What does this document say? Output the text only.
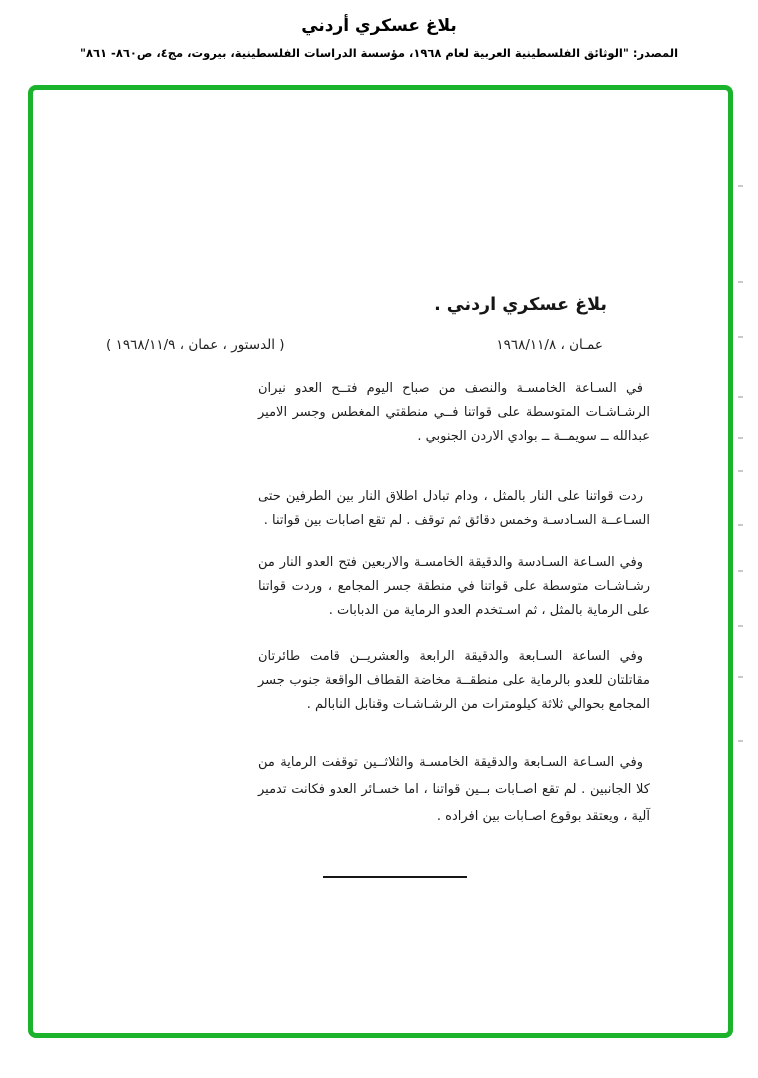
بلاغ عسكري أردني
المصدر: "الوثائق الفلسطينية العربية لعام ١٩٦٨، مؤسسة الدراسات الفلسطينية، بيروت، مج٤، ص٨٦٠- ٨٦١"
بلاغ عسكري اردني .
عمـان ، ١٩٦٨/١١/٨
( الدستور ، عمان ، ١٩٦٨/١١/٩ )

في السـاعة الخامسـة والنصف من صباح اليوم فتــح العدو نيران الرشـاشـات المتوسطة على قواتنا فــي منطقتي المغطس وجسر الامير عبدالله ــ سويمــة ــ بوادي الاردن الجنوبي .

ردت قواتنا على النار بالمثل ، ودام تبادل اطلاق النار بين الطرفين حتى السـاعــة السـادسـة وخمس دقائق ثم توقف . لم تقع اصابات بين قواتنا .

وفي السـاعة السـادسة والدقيقة الخامسـة والاربعين فتح العدو النار من رشـاشـات متوسطة على قواتنا في منطقة جسر المجامع ، وردت قواتنا على الرماية بالمثل ، ثم اسـتخدم العدو الرماية من الدبابات .

وفي الساعة السـابعة والدقيقة الرابعة والعشريــن قامت طائرتان مقاتلتان للعدو بالرماية على منطقــة مخاضة القطاف الواقعة جنوب جسر المجامع بحوالي ثلاثة كيلومترات من الرشـاشـات وقنابل النابالم .

وفي السـاعة السـابعة والدقيقة الخامسـة والثلاثــين توقفت الرماية من كلا الجانبين . لم تقع اصـابات بــين قواتنا ، اما خسـائر العدو فكانت تدمير آلية ، ويعتقد بوقوع اصـابات بين افراده .
